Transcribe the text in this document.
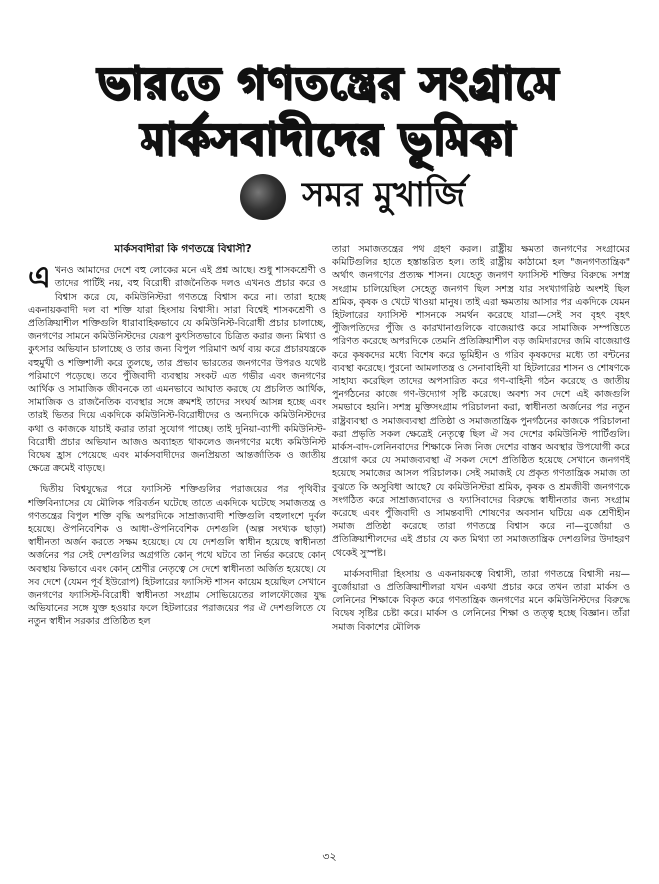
ভারতে গণতন্ত্রের সংগ্রামে
মার্কসবাদীদের ভূমিকা
সমর মুখার্জি

মার্কসবাদীরা কি গণতন্ত্রে বিশ্বাসী?

এখনও আমাদের দেশে বহু লোকের মনে এই প্রশ্ন আছে। শুধু শাসকশ্রেণী ও তাদের পার্টিই নয়, বহু বিরোধী রাজনৈতিক দলও এখনও প্রচার করে ও বিশ্বাস করে যে, কমিউনিস্টরা গণতন্ত্রে বিশ্বাস করে না। তারা হচ্ছে একনায়কবাদী দল বা শক্তি যারা হিংসায় বিশ্বাসী। সারা বিশ্বেই শাসকশ্রেণী ও প্রতিক্রিয়াশীল শক্তিগুলি ধারাবাহিকভাবে যে কমিউনিস্ট-বিরোধী প্রচার চালাচ্ছে, জনগণের সামনে কমিউনিস্টদের যেরূপ কুৎসিতভাবে চিত্রিত করার জন্য মিথ্যা ও কুৎসার অভিযান চালাচ্ছে ও তার জন্য বিপুল পরিমাণ অর্থ ব্যয় করে প্রচারযন্ত্রকে বহুমুখী ও শক্তিশালী করে তুলছে, তার প্রভাব ভারতের জনগণের উপরও যথেষ্ট পরিমাণে পড়েছে। তবে পুঁজিবাদী ব্যবস্থায় সংকট এত গভীর এবং জনগণের আর্থিক ও সামাজিক জীবনকে তা এমনভাবে আঘাত করছে যে প্রচলিত আর্থিক, সামাজিক ও রাজনৈতিক ব্যবস্থার সঙ্গে ক্রমশই তাদের সংঘর্ষ আসন্ন হচ্ছে এবং তারই ভিতর দিয়ে একদিকে কমিউনিস্ট-বিরোধীদের ও অন্যদিকে কমিউনিস্টদের কথা ও কাজকে যাচাই করার তারা সুযোগ পাচ্ছে। তাই দুনিয়া-ব্যাপী কমিউনিস্ট-বিরোধী প্রচার অভিযান আজও অব্যাহত থাকলেও জনগণের মধ্যে কমিউনিস্ট বিদ্বেষ হ্রাস পেয়েছে এবং মার্কসবাদীদের জনপ্রিয়তা আন্তর্জাতিক ও জাতীয় ক্ষেত্রে ক্রমেই বাড়ছে।

দ্বিতীয় বিশ্বযুদ্ধের পরে ফ্যাসিস্ট শক্তিগুলির পরাজয়ের পর পৃথিবীর শক্তিবিন্যাসের যে মৌলিক পরিবর্তন ঘটেছে তাতে একদিকে ঘটেছে সমাজতন্ত্র ও গণতন্ত্রের বিপুল শক্তি বৃদ্ধি অপরদিকে সাম্রাজ্যবাদী শক্তিগুলি বহুলাংশে দুর্বল হয়েছে। ঔপনিবেশিক ও আধা-ঔপনিবেশিক দেশগুলি (অল্প সংখ্যক ছাড়া) স্বাধীনতা অর্জন করতে সক্ষম হয়েছে। যে যে দেশগুলি স্বাধীন হয়েছে স্বাধীনতা অর্জনের পর সেই দেশগুলির অগ্রগতি কোন্‌ পথে ঘটবে তা নির্ভর করেছে কোন্‌ অবস্থায় কিভাবে এবং কোন্‌ শ্রেণীর নেতৃত্বে সে দেশে স্বাধীনতা অর্জিত হয়েছে। যে সব দেশে (যেমন পূর্ব ইউরোপ) হিটলারের ফ্যাসিস্ট শাসন কায়েম হয়েছিল সেখানে জনগণের ফ্যাসিস্ট-বিরোধী স্বাধীনতা সংগ্রাম সোভিয়েতের লালফৌজের যুদ্ধ অভিযানের সঙ্গে যুক্ত হওয়ার ফলে হিটলারের পরাজয়ের পর ঐ দেশগুলিতে যে নতুন স্বাধীন সরকার প্রতিষ্ঠিত হল

তারা সমাজতন্ত্রের পথ গ্রহণ করল। রাষ্ট্রীয় ক্ষমতা জনগণের সংগ্রামের কমিটিগুলির হাতে হস্তান্তরিত হল। তাই রাষ্ট্রীয় কাঠামো হল "জনগণতান্ত্রিক" অর্থাৎ জনগণের প্রত্যক্ষ শাসন। যেহেতু জনগণ ফ্যাসিস্ট শক্তির বিরুদ্ধে সশস্ত্র সংগ্রাম চালিয়েছিল সেহেতু জনগণ ছিল সশস্ত্র যার সংখ্যাগরিষ্ঠ অংশই ছিল শ্রমিক, কৃষক ও খেটে খাওয়া মানুষ। তাই এরা ক্ষমতায় আসার পর একদিকে যেমন হিটলারের ফ্যাসিস্ট শাসনকে সমর্থন করেছে যারা—সেই সব বৃহৎ বৃহৎ পুঁজিপতিদের পুঁজি ও কারখানাগুলিকে বাজেয়াপ্ত করে সামাজিক সম্পত্তিতে পরিণত করেছে অপরদিকে তেমনি প্রতিক্রিয়াশীল বড় জমিদারদের জমি বাজেয়াপ্ত করে কৃষকদের মধ্যে বিশেষ করে ভূমিহীন ও গরিব কৃষকদের মধ্যে তা বন্টনের ব্যবস্থা করেছে। পুরনো আমলাতন্ত্র ও সেনাবাহিনী যা হিটলারের শাসন ও শোষণকে সাহায্য করেছিল তাদের অপসারিত করে গণ-বাহিনী গঠন করেছে ও জাতীয় পুনর্গঠনের কাজে গণ-উদ্যোগ সৃষ্টি করেছে। অবশ্য সব দেশে এই কাজগুলি সমভাবে হয়নি। সশস্ত্র মুক্তিসংগ্রাম পরিচালনা করা, স্বাধীনতা অর্জনের পর নতুন রাষ্ট্রব্যবস্থা ও সমাজব্যবস্থা প্রতিষ্ঠা ও সমাজতান্ত্রিক পুনর্গঠনের কাজকে পরিচালনা করা প্রভৃতি সকল ক্ষেত্রেই নেতৃত্বে ছিল ঐ সব দেশের কমিউনিস্ট পার্টিগুলি। মার্কস-বাদ-লেনিনবাদের শিক্ষাকে নিজ নিজ দেশের বাস্তব অবস্থার উপযোগী করে প্রয়োগ করে যে সমাজব্যবস্থা ঐ সকল দেশে প্রতিষ্ঠিত হয়েছে সেখানে জনগণই হয়েছে সমাজের আসল পরিচালক। সেই সমাজই যে প্রকৃত গণতান্ত্রিক সমাজ তা বুঝতে কি অসুবিধা আছে? যে কমিউনিস্টরা শ্রমিক, কৃষক ও শ্রমজীবী জনগণকে সংগঠিত করে সাম্রাজ্যবাদের ও ফ্যাসিবাদের বিরুদ্ধে স্বাধীনতার জন্য সংগ্রাম করেছে এবং পুঁজিবাদী ও সামন্তবাদী শোষণের অবসান ঘটিয়ে এক শ্রেণীহীন সমাজ প্রতিষ্ঠা করেছে তারা গণতন্ত্রে বিশ্বাস করে না—বুর্জোয়া ও প্রতিক্রিয়াশীলদের এই প্রচার যে কত মিথ্যা তা সমাজতান্ত্রিক দেশগুলির উদাহরণ থেকেই সুস্পষ্ট।

মার্কসবাদীরা হিংসায় ও একনায়কত্বে বিশ্বাসী, তারা গণতন্ত্রে বিশ্বাসী নয়—বুর্জোয়ারা ও প্রতিক্রিয়াশীলরা যখন একথা প্রচার করে তখন তারা মার্কস ও লেনিনের শিক্ষাকে বিকৃত করে গণতান্ত্রিক জনগণের মনে কমিউনিস্টদের বিরুদ্ধে বিদ্বেষ সৃষ্টির চেষ্টা করে। মার্কস ও লেনিনের শিক্ষা ও তত্ত্ব হচ্ছে বিজ্ঞান। তাঁরা সমাজ বিকাশের মৌলিক

৩২
